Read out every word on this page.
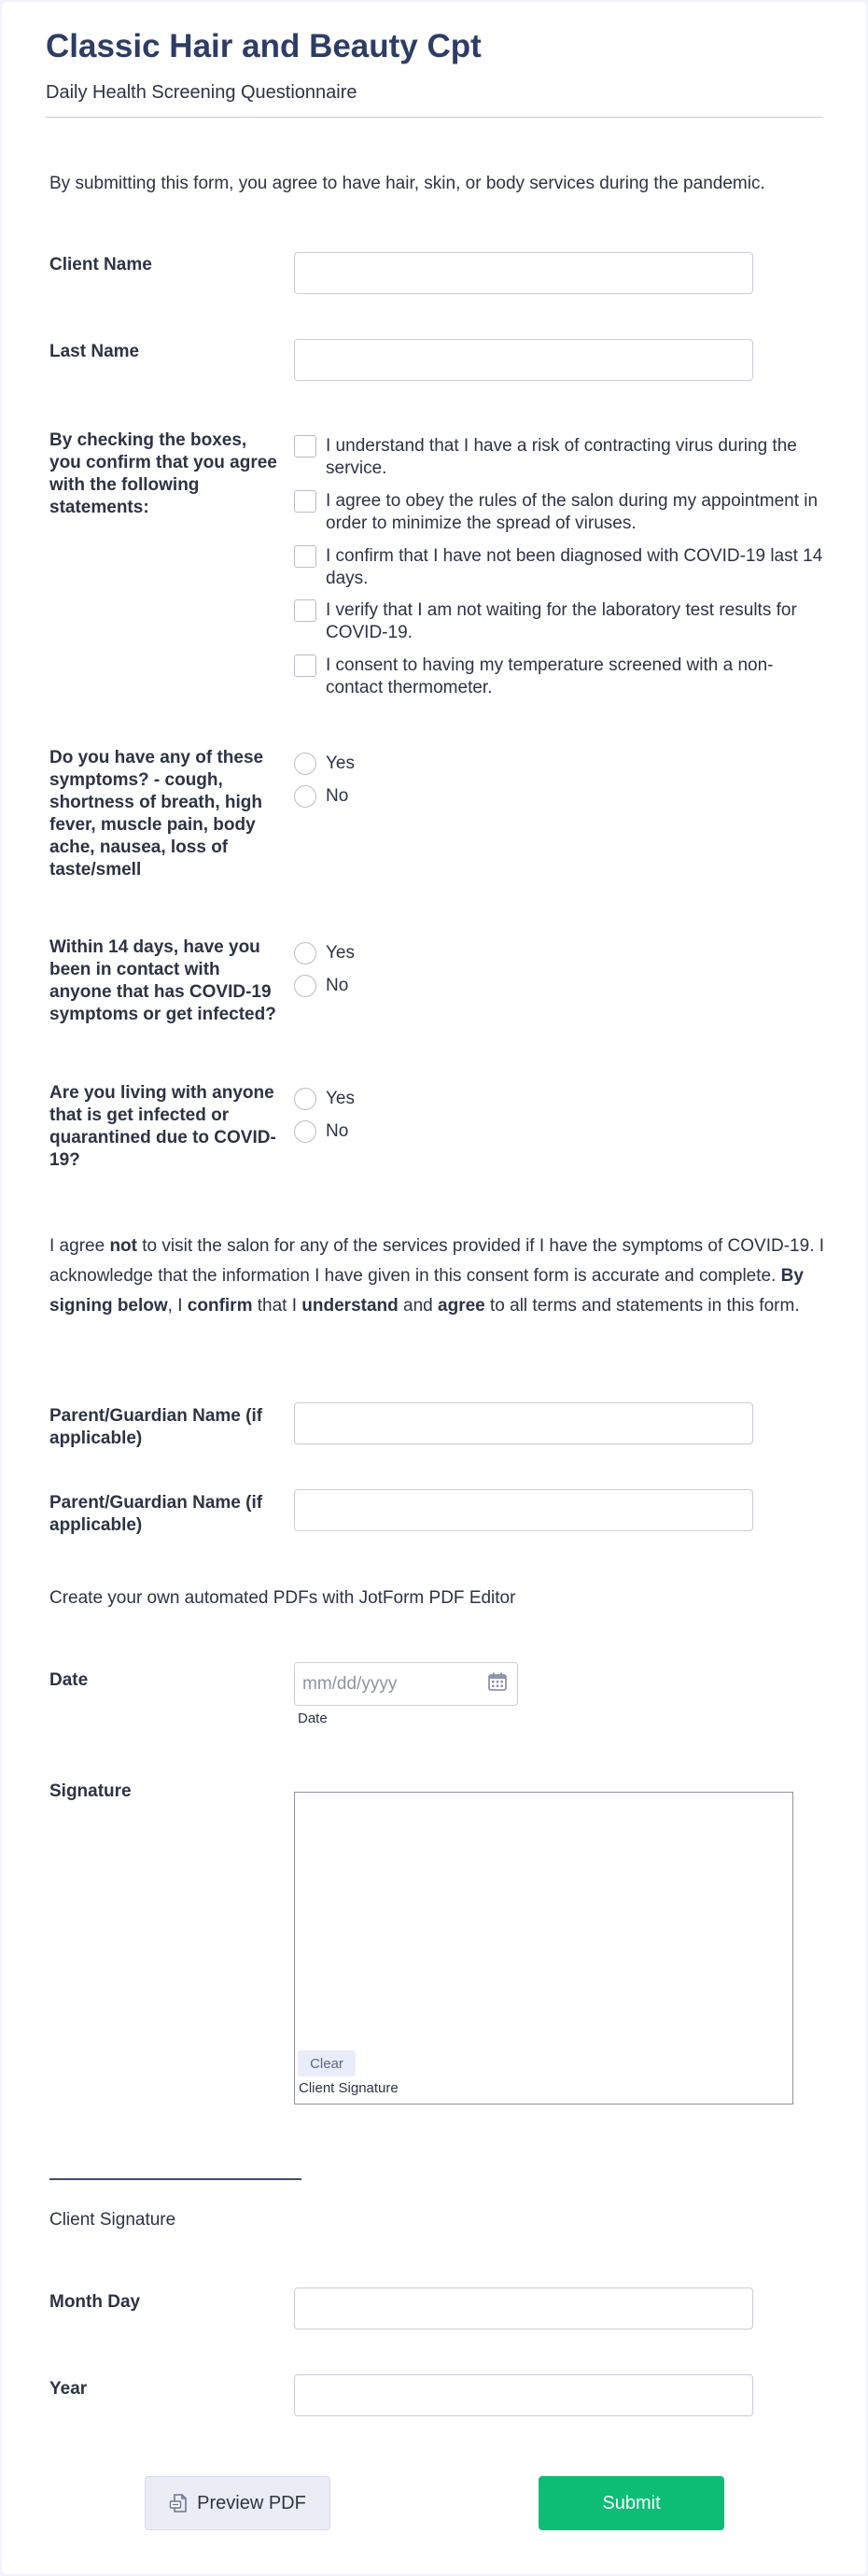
Classic Hair and Beauty Cpt
Daily Health Screening Questionnaire
By submitting this form, you agree to have hair, skin, or body services during the pandemic.
Client Name
Last Name
By checking the boxes, you confirm that you agree with the following statements:
I understand that I have a risk of contracting virus during the service.
I agree to obey the rules of the salon during my appointment in order to minimize the spread of viruses.
I confirm that I have not been diagnosed with COVID-19 last 14 days.
I verify that I am not waiting for the laboratory test results for COVID-19.
I consent to having my temperature screened with a non-contact thermometer.
Do you have any of these symptoms? - cough, shortness of breath, high fever, muscle pain, body ache, nausea, loss of taste/smell
Yes
No
Within 14 days, have you been in contact with anyone that has COVID-19 symptoms or get infected?
Yes
No
Are you living with anyone that is get infected or quarantined due to COVID-19?
Yes
No
I agree not to visit the salon for any of the services provided if I have the symptoms of COVID-19. I acknowledge that the information I have given in this consent form is accurate and complete. By signing below, I confirm that I understand and agree to all terms and statements in this form.
Parent/Guardian Name (if applicable)
Parent/Guardian Name (if applicable)
Create your own automated PDFs with JotForm PDF Editor
Date	mm/dd/yyyy
Date
Signature
Clear
Client Signature
Client Signature
Month Day
Year
Preview PDF	Submit
